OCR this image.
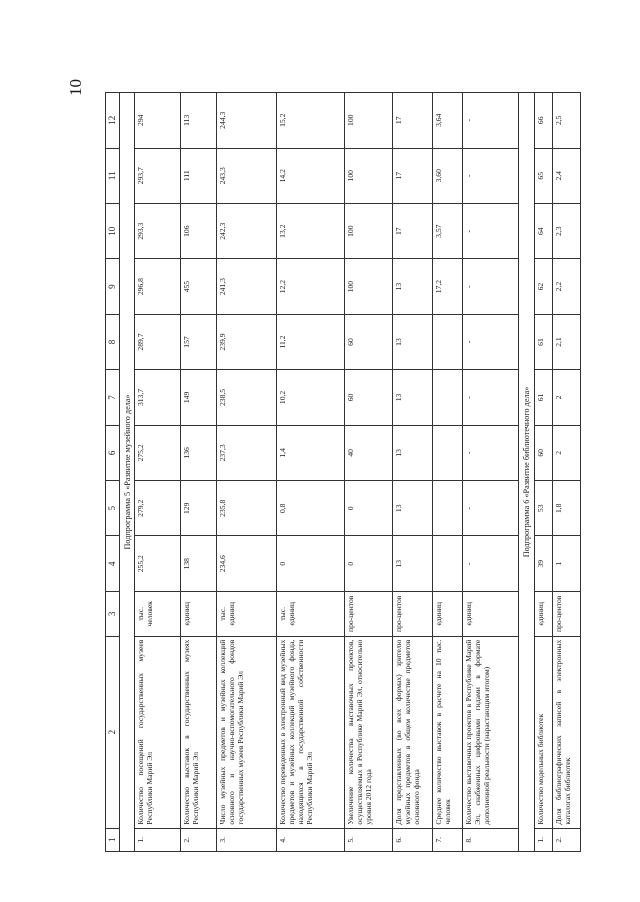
10
1	2	3	4	5	6	7	8	9	10	11	12
Подпрограмма 5 «Развитие музейного дела»											
1.	Количество посещений государственных музеев Республики Марий Эл	тыс. человек	255,2	279,2	275,2	313,7	289,7	296,8	293,3	293,7	294
2.	Количество выставок в государственных музеях Республики Марий Эл	единиц	138	129	136	149	157	455	106	111	113
3.	Число музейных предметов и музейных коллекций основного и научно-вспомогательного фондов государственных музеев Республики Марий Эл	тыс. единиц	234,6	235,8	237,3	238,5	239,9	241,3	242,3	243,3	244,3
4.	Количество переведенных в электронный вид музейных предметов и музейных коллекций музейного фонда, находящихся в государственной собственности Республики Марий Эл	тыс. единиц	0	0,8	1,4	10,2	11,2	12,2	13,2	14,2	15,2
5.	Увеличение количества выставочных проектов, осуществляемых в Республике Марий Эл, относительно уровня 2012 года	про-центов	0	0	40	60	60	100	100	100	100
6.	Доля представленных (во всех формах) зрителю музейных предметов в общем количестве предметов основного фонда	про-центов	13	13	13	13	13	13	17	17	17
7.	Среднее количество выставок в расчете на 10 тыс. человек	единиц						17,2	3,57	3,60	3,64
8.	Количество выставочных проектов в Республике Марий Эл, снабженных цифровыми гидами в формате дополненной реальности (нарастающим итогом)	единиц	-	-	-	-	-	-	-	-	-
Подпрограмма 6 «Развитие библиотечного дела»											
1.	Количество модельных библиотек	единиц	39	53	60	61	61	62	64	65	66
2.	Доля библиографических записей в электронных каталогах библиотек	про-центов	1	1,8	2	2	2,1	2,2	2,3	2,4	2,5
